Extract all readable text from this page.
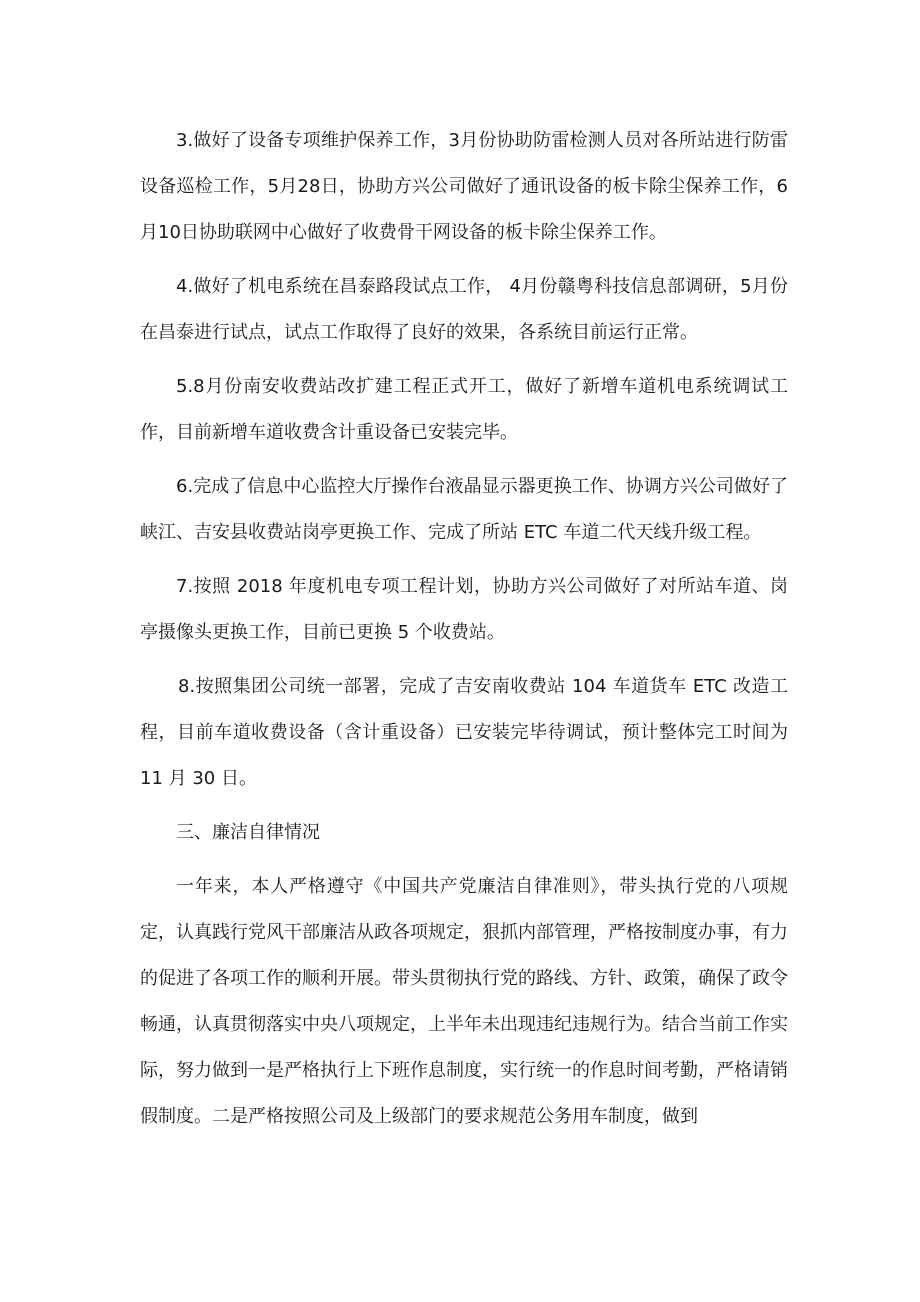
3.做好了设备专项维护保养工作，3月份协助防雷检测人员对各所站进行防雷设备巡检工作，5月28日，协助方兴公司做好了通讯设备的板卡除尘保养工作，6月10日协助联网中心做好了收费骨干网设备的板卡除尘保养工作。

4.做好了机电系统在昌泰路段试点工作， 4月份赣粤科技信息部调研，5月份在昌泰进行试点，试点工作取得了良好的效果，各系统目前运行正常。

5.8月份南安收费站改扩建工程正式开工，做好了新增车道机电系统调试工作，目前新增车道收费含计重设备已安装完毕。

6.完成了信息中心监控大厅操作台液晶显示器更换工作、协调方兴公司做好了峡江、吉安县收费站岗亭更换工作、完成了所站 ETC 车道二代天线升级工程。

7.按照 2018 年度机电专项工程计划，协助方兴公司做好了对所站车道、岗亭摄像头更换工作，目前已更换 5 个收费站。

8.按照集团公司统一部署，完成了吉安南收费站 104 车道货车 ETC 改造工程，目前车道收费设备（含计重设备）已安装完毕待调试，预计整体完工时间为 11 月 30 日。

三、廉洁自律情况

一年来，本人严格遵守《中国共产党廉洁自律准则》，带头执行党的八项规定，认真践行党风干部廉洁从政各项规定，狠抓内部管理，严格按制度办事，有力的促进了各项工作的顺利开展。带头贯彻执行党的路线、方针、政策，确保了政令畅通，认真贯彻落实中央八项规定，上半年未出现违纪违规行为。结合当前工作实际，努力做到一是严格执行上下班作息制度，实行统一的作息时间考勤，严格请销假制度。二是严格按照公司及上级部门的要求规范公务用车制度，做到
